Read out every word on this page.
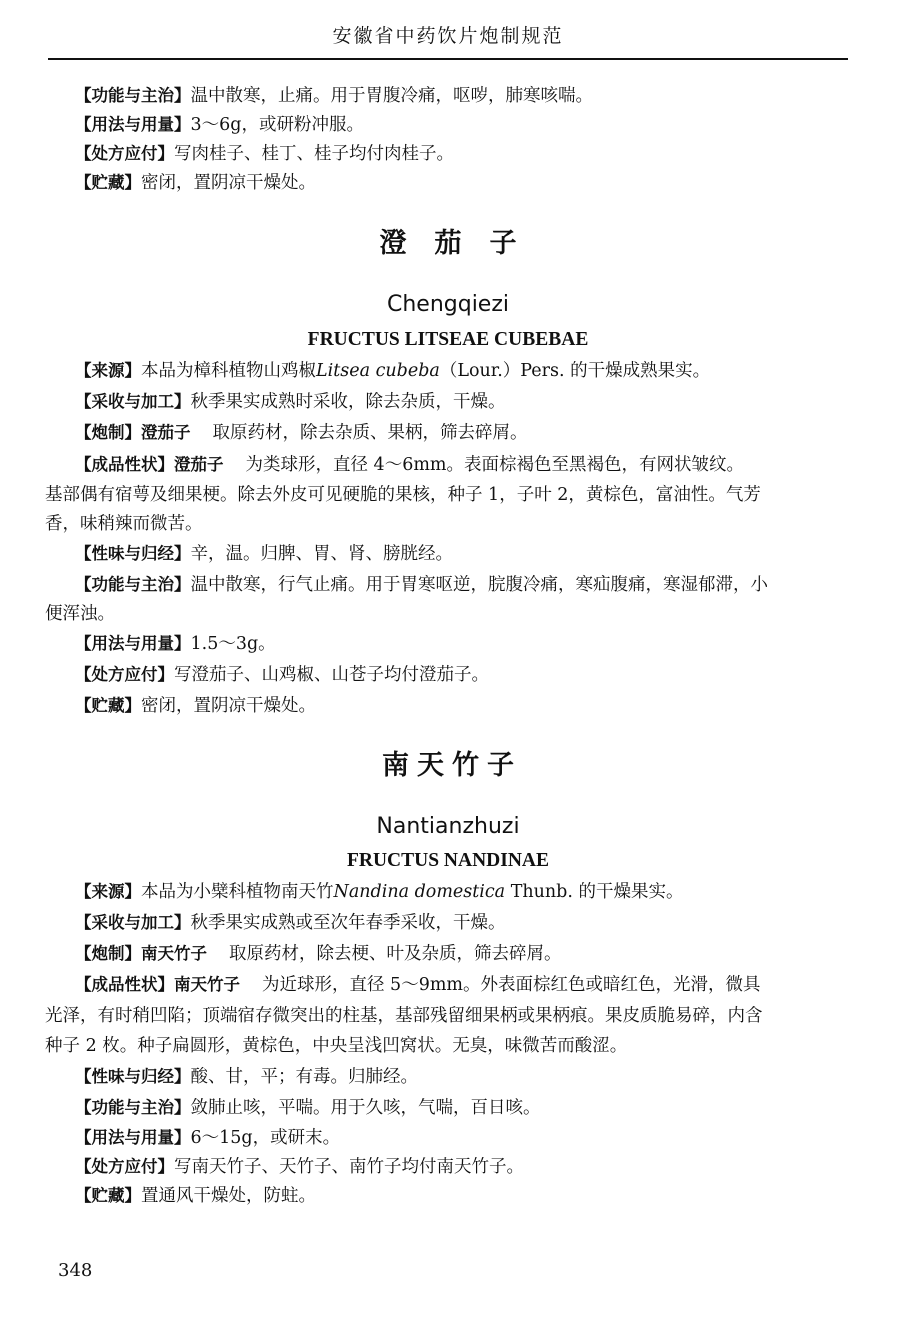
安徽省中药饮片炮制规范
【功能与主治】温中散寒，止痛。用于胃腹冷痛，呕哕，肺寒咳喘。
【用法与用量】3～6g，或研粉冲服。
【处方应付】写肉桂子、桂丁、桂子均付肉桂子。
【贮藏】密闭，置阴凉干燥处。
澄茄子
Chengqiezi
FRUCTUS LITSEAE CUBEBAE
【来源】本品为樟科植物山鸡椒Litsea cubeba（Lour.）Pers. 的干燥成熟果实。
【采收与加工】秋季果实成熟时采收，除去杂质，干燥。
【炮制】澄茄子 取原药材，除去杂质、果柄，筛去碎屑。
【成品性状】澄茄子 为类球形，直径 4～6mm。表面棕褐色至黑褐色，有网状皱纹。
基部偶有宿萼及细果梗。除去外皮可见硬脆的果核，种子 1，子叶 2，黄棕色，富油性。气芳
香，味稍辣而微苦。
【性味与归经】辛，温。归脾、胃、肾、膀胱经。
【功能与主治】温中散寒，行气止痛。用于胃寒呕逆，脘腹冷痛，寒疝腹痛，寒湿郁滞，小
便浑浊。
【用法与用量】1.5～3g。
【处方应付】写澄茄子、山鸡椒、山苍子均付澄茄子。
【贮藏】密闭，置阴凉干燥处。
南天竹子
Nantianzhuzi
FRUCTUS NANDINAE
【来源】本品为小檗科植物南天竹Nandina domestica Thunb. 的干燥果实。
【采收与加工】秋季果实成熟或至次年春季采收，干燥。
【炮制】南天竹子 取原药材，除去梗、叶及杂质，筛去碎屑。
【成品性状】南天竹子 为近球形，直径 5～9mm。外表面棕红色或暗红色，光滑，微具
光泽，有时稍凹陷；顶端宿存微突出的柱基，基部残留细果柄或果柄痕。果皮质脆易碎，内含
种子 2 枚。种子扁圆形，黄棕色，中央呈浅凹窝状。无臭，味微苦而酸涩。
【性味与归经】酸、甘，平；有毒。归肺经。
【功能与主治】敛肺止咳，平喘。用于久咳，气喘，百日咳。
【用法与用量】6～15g，或研末。
【处方应付】写南天竹子、天竹子、南竹子均付南天竹子。
【贮藏】置通风干燥处，防蛀。
348
